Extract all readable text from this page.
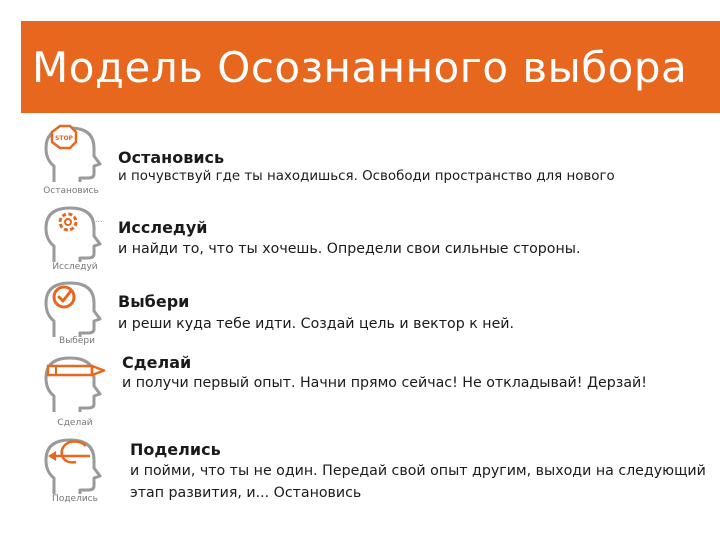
Модель Осознанного выбора
STOP
Остановись
Остановись
и почувствуй где ты находишься. Освободи пространство для нового
...
Исследуй
Исследуй
и найди то, что ты хочешь. Определи свои сильные стороны.
Выбери
Выбери
и реши куда тебе идти. Создай цель и вектор к ней.
Сделай
Сделай
и получи первый опыт. Начни прямо сейчас! Не откладывай! Дерзай!
Поделись
Поделись
и пойми, что ты не один. Передай свой опыт другим, выходи на следующий этап развития, и... Остановись
